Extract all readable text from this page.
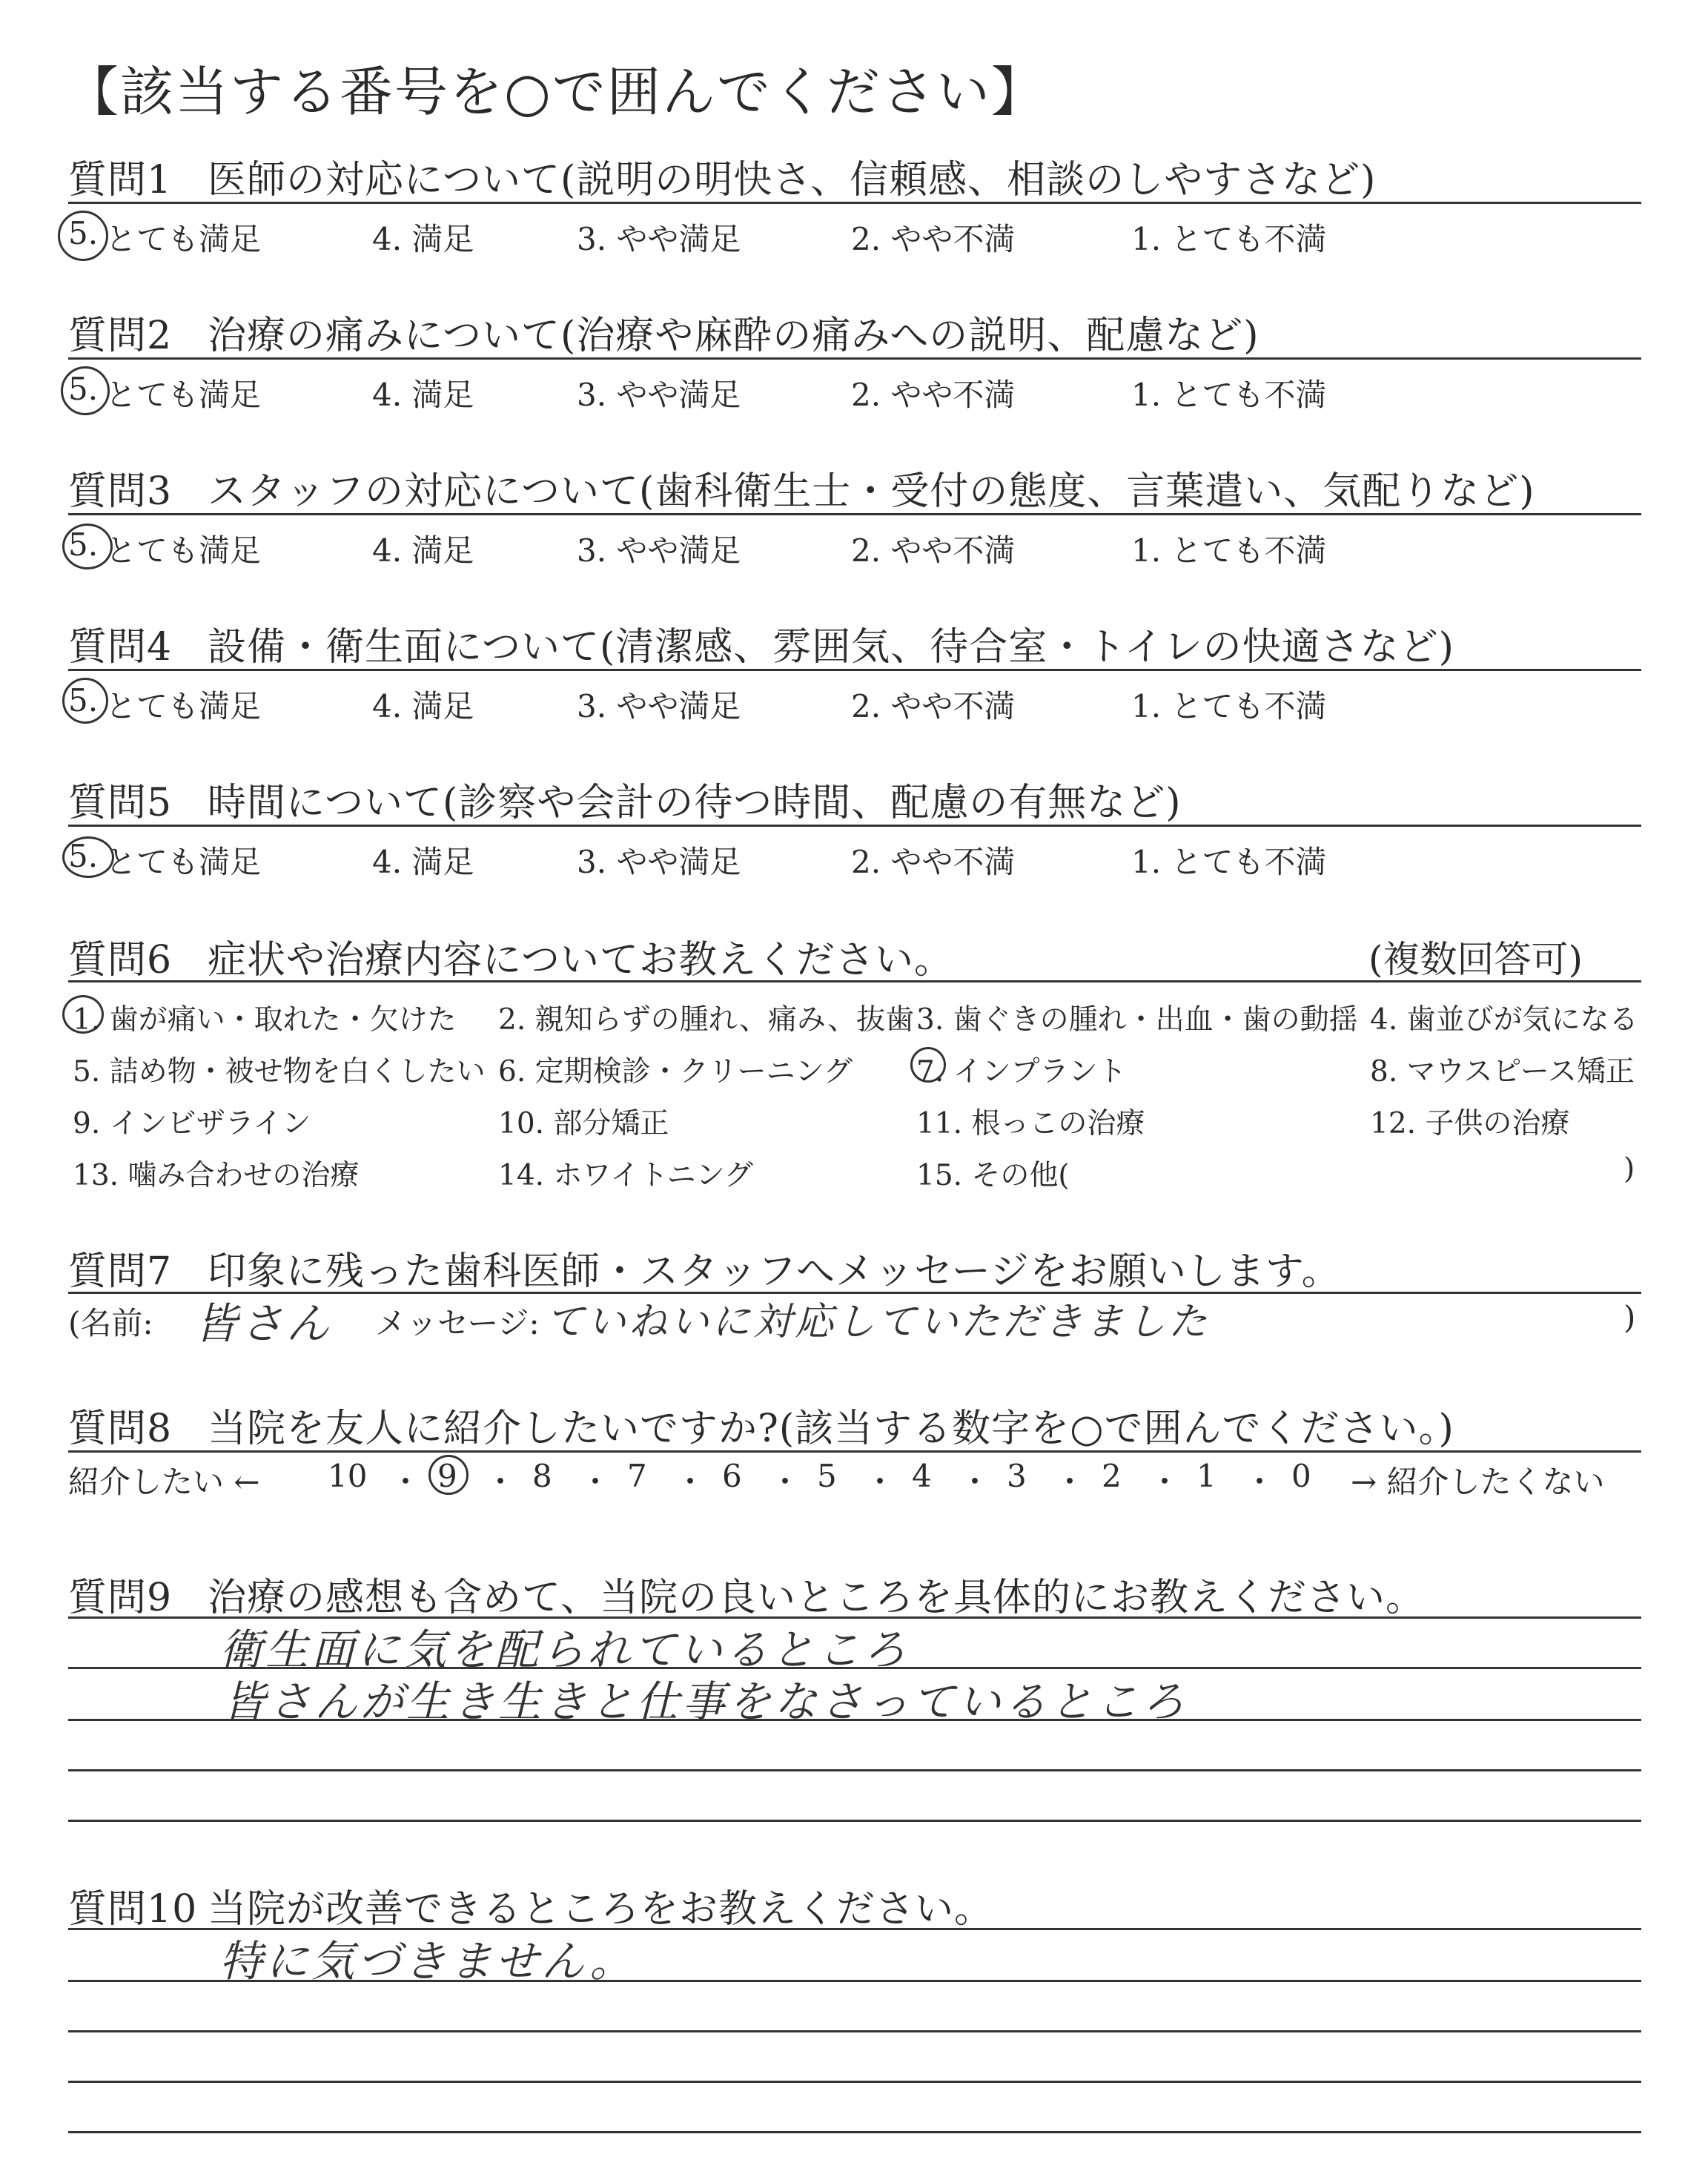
【該当する番号を○で囲んでください】
質問1 医師の対応について(説明の明快さ、信頼感、相談のしやすさなど)
5. とても満足	4. 満足	3. やや満足	2. やや不満	1. とても不満
質問2 治療の痛みについて(治療や麻酔の痛みへの説明、配慮など)
5. とても満足	4. 満足	3. やや満足	2. やや不満	1. とても不満
質問3 スタッフの対応について(歯科衛生士・受付の態度、言葉遣い、気配りなど)
5. とても満足	4. 満足	3. やや満足	2. やや不満	1. とても不満
質問4 設備・衛生面について(清潔感、雰囲気、待合室・トイレの快適さなど)
5. とても満足	4. 満足	3. やや満足	2. やや不満	1. とても不満
質問5 時間について(診察や会計の待つ時間、配慮の有無など)
5. とても満足	4. 満足	3. やや満足	2. やや不満	1. とても不満
質問6 症状や治療内容についてお教えください。	(複数回答可)
1. 歯が痛い・取れた・欠けた 2. 親知らずの腫れ、痛み、抜歯 3. 歯ぐきの腫れ・出血・歯の動揺 4. 歯並びが気になる
5. 詰め物・被せ物を白くしたい 6. 定期検診・クリーニング 7. インプラント	8. マウスピース矯正
9. インビザライン	10. 部分矯正	11. 根っこの治療	12. 子供の治療
13. 噛み合わせの治療	14. ホワイトニング	15. その他(	)
質問7 印象に残った歯科医師・スタッフへメッセージをお願いします。
(名前: 皆さん メッセージ: ていねいに対応していただきました	)
質問8 当院を友人に紹介したいですか?(該当する数字を○で囲んでください。)
紹介したい ← 10 ・ 9 ・ 8 ・ 7 ・ 6 ・ 5 ・ 4 ・ 3 ・ 2 ・ 1 ・ 0 → 紹介したくない
質問9 治療の感想も含めて、当院の良いところを具体的にお教えください。
衛生面に気を配られているところ
皆さんが生き生きと仕事をなさっているところ
質問10 当院が改善できるところをお教えください。
特に気づきません。
